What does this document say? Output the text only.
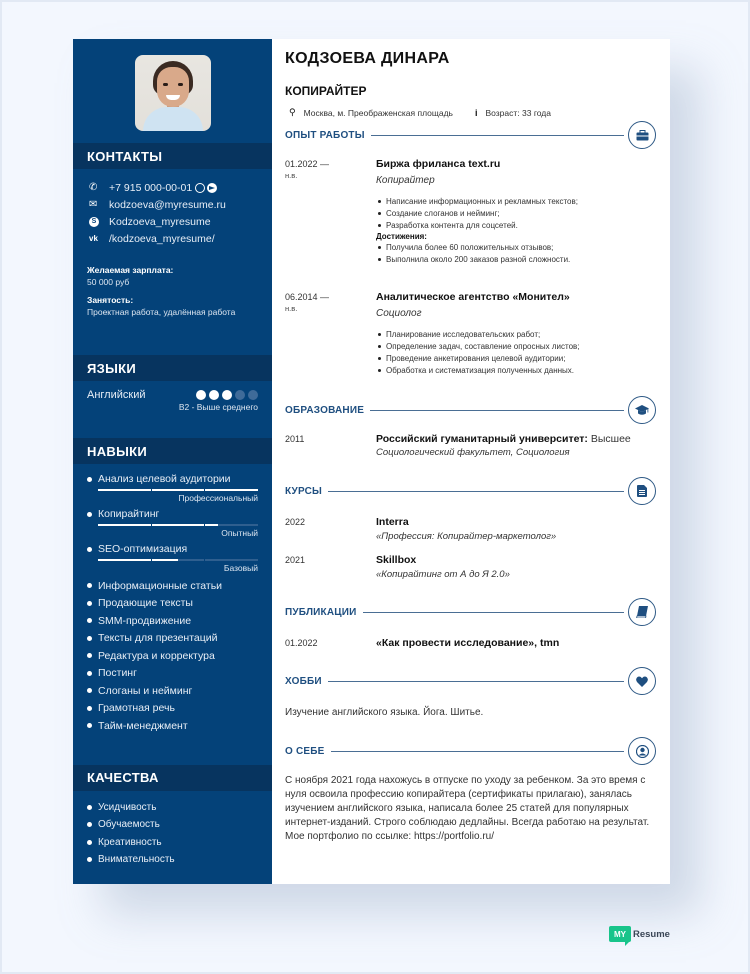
КОНТАКТЫ
✆	+7 915 000-00-01
✉	kodzoeva@myresume.ru
S Kodzoeva_myresume
vk	/kodzoeva_myresume/
Желаемая зарплата:
50 000 руб
Занятость:
Проектная работа, удалённая работа
ЯЗЫКИ
Английский
B2 - Выше среднего
НАВЫКИ
Анализ целевой аудитории
Профессиональный
Копирайтинг
Опытный
SEO-оптимизация
Базовый
Информационные статьи
Продающие тексты
SMM-продвижение
Тексты для презентаций
Редактура и корректура
Постинг
Слоганы и нейминг
Грамотная речь
Тайм-менеджмент
КАЧЕСТВА
Усидчивость
Обучаемость
Креативность
Внимательность
КОДЗОЕВА ДИНАРА
КОПИРАЙТЕР
⚲ Москва, м. Преображенская площадь i Возраст: 33 года
ОПЫТ РАБОТЫ
01.2022 —
н.в.
Биржа фриланса text.ru
Копирайтер
Написание информационных и рекламных текстов;
Создание слоганов и нейминг;
Разработка контента для соцсетей.
Достижения:
Получила более 60 положительных отзывов;
Выполнила около 200 заказов разной сложности.
06.2014 —
н.в.
Аналитическое агентство «Монител»
Социолог
Планирование исследовательских работ;
Определение задач, составление опросных листов;
Проведение анкетирования целевой аудитории;
Обработка и систематизация полученных данных.
ОБРАЗОВАНИЕ
2011	Российский гуманитарный университет: Высшее
Социологический факультет, Социология
КУРСЫ
2022	Interra
«Профессия: Копирайтер-маркетолог»
2021	Skillbox
«Копирайтинг от А до Я 2.0»
ПУБЛИКАЦИИ
01.2022	«Как провести исследование», tmn
ХОББИ
Изучение английского языка. Йога. Шитье.
О СЕБЕ
С ноября 2021 года нахожусь в отпуске по уходу за ребенком. За это время с нуля освоила профессию копирайтера (сертификаты прилагаю), занялась изучением английского языка, написала более 25 статей для популярных интернет-изданий. Строго соблюдаю дедлайны. Всегда работаю на результат. Мое портфолио по ссылке: https://portfolio.ru/
MY Resume
